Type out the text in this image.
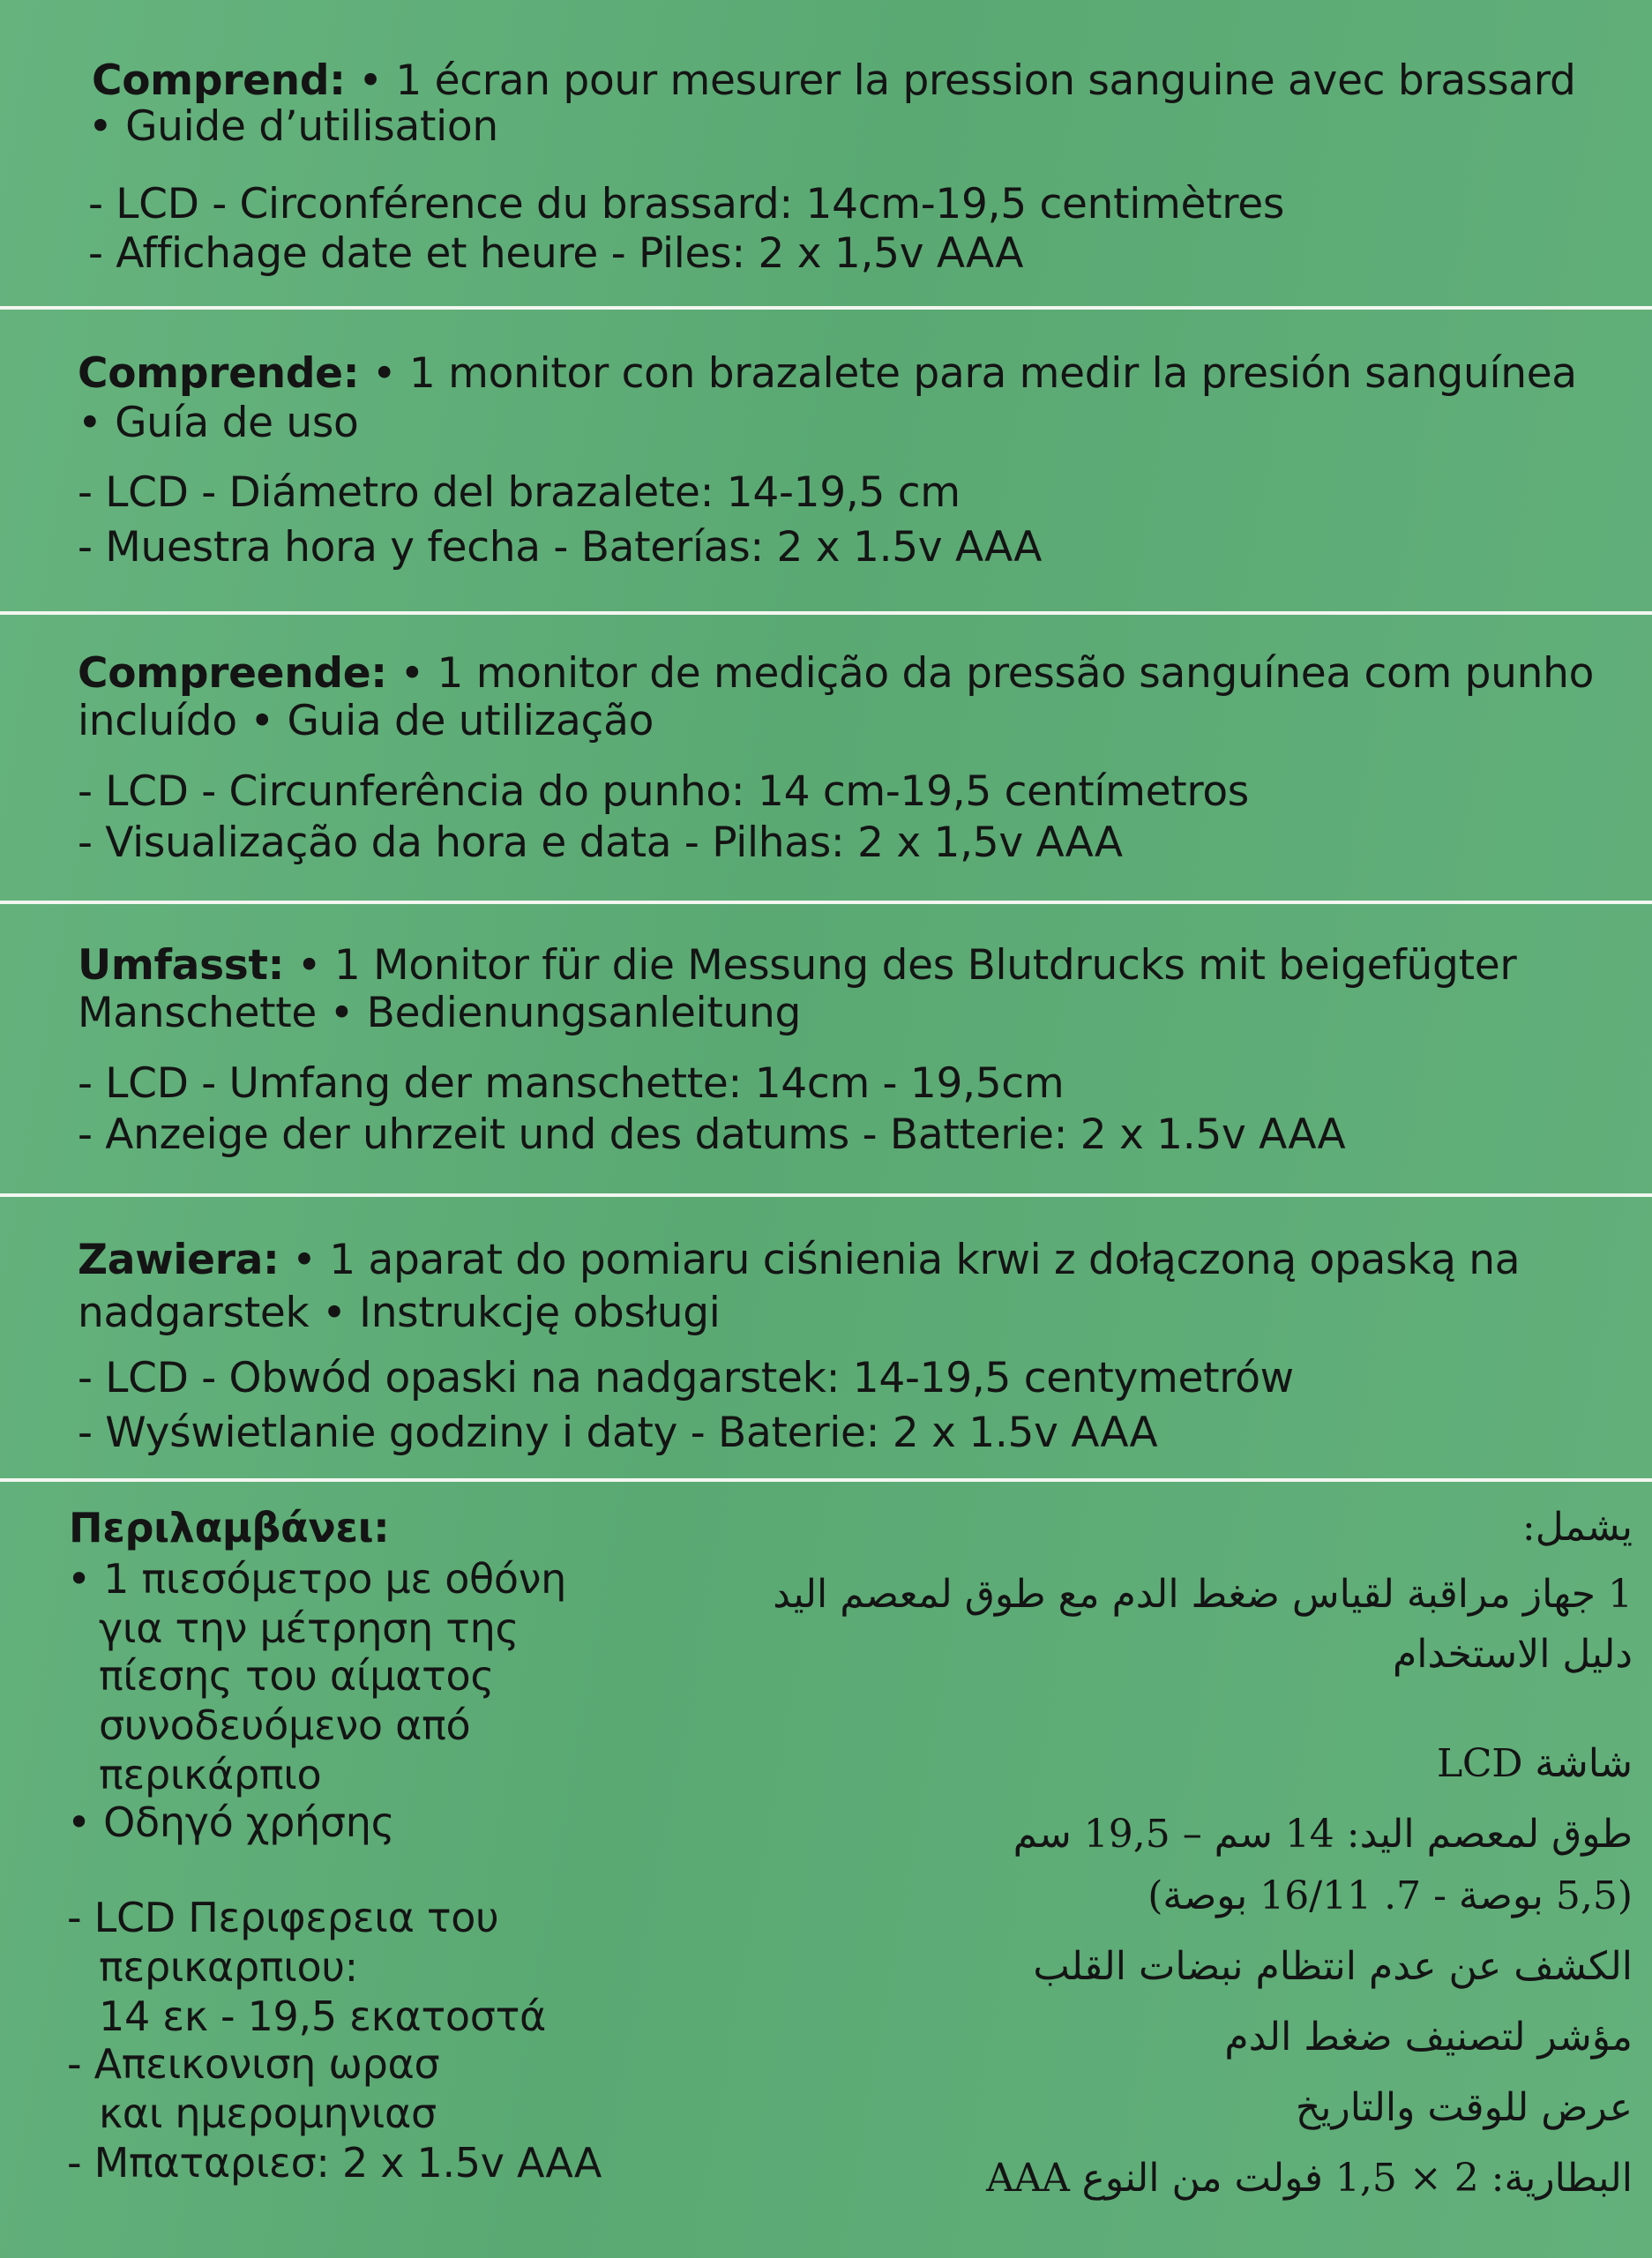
Comprend: • 1 écran pour mesurer la pression sanguine avec brassard
• Guide d’utilisation
- LCD - Circonférence du brassard: 14cm-19,5 centimètres
- Affichage date et heure - Piles: 2 x 1,5v AAA
Comprende: • 1 monitor con brazalete para medir la presión sanguínea
• Guía de uso
- LCD - Diámetro del brazalete: 14-19,5 cm
- Muestra hora y fecha - Baterías: 2 x 1.5v AAA
Compreende: • 1 monitor de medição da pressão sanguínea com punho
incluído • Guia de utilização
- LCD - Circunferência do punho: 14 cm-19,5 centímetros
- Visualização da hora e data - Pilhas: 2 x 1,5v AAA
Umfasst: • 1 Monitor für die Messung des Blutdrucks mit beigefügter
Manschette • Bedienungsanleitung
- LCD - Umfang der manschette: 14cm - 19,5cm
- Anzeige der uhrzeit und des datums - Batterie: 2 x 1.5v AAA
Zawiera: • 1 aparat do pomiaru ciśnienia krwi z dołączoną opaską na
nadgarstek • Instrukcję obsługi
- LCD - Obwód opaski na nadgarstek: 14-19,5 centymetrów
- Wyświetlanie godziny i daty - Baterie: 2 x 1.5v AAA
Περιλαμβάνει:
• 1 πιεσόμετρο με οθόνη
για την μέτρηση της
πίεσης του αίματος
συνοδευόμενο από
περικάρπιο
• Οδηγό χρήσης
- LCD Περιφερεια του
περικαρπιου:
14 εκ - 19,5 εκατοστά
- Απεικονιση ωρασ
και ημερομηνιασ
- Μπαταριεσ: 2 x 1.5v AAA
يشمل:
1 جهاز مراقبة لقياس ضغط الدم مع طوق لمعصم اليد
دليل الاستخدام
شاشة LCD
طوق لمعصم اليد: 14 سم – 19,5 سم
(5,5 بوصة - 7. 16/11 بوصة)
الكشف عن عدم انتظام نبضات القلب
مؤشر لتصنيف ضغط الدم
عرض للوقت والتاريخ
البطارية: 2 × 1,5 فولت من النوع AAA
